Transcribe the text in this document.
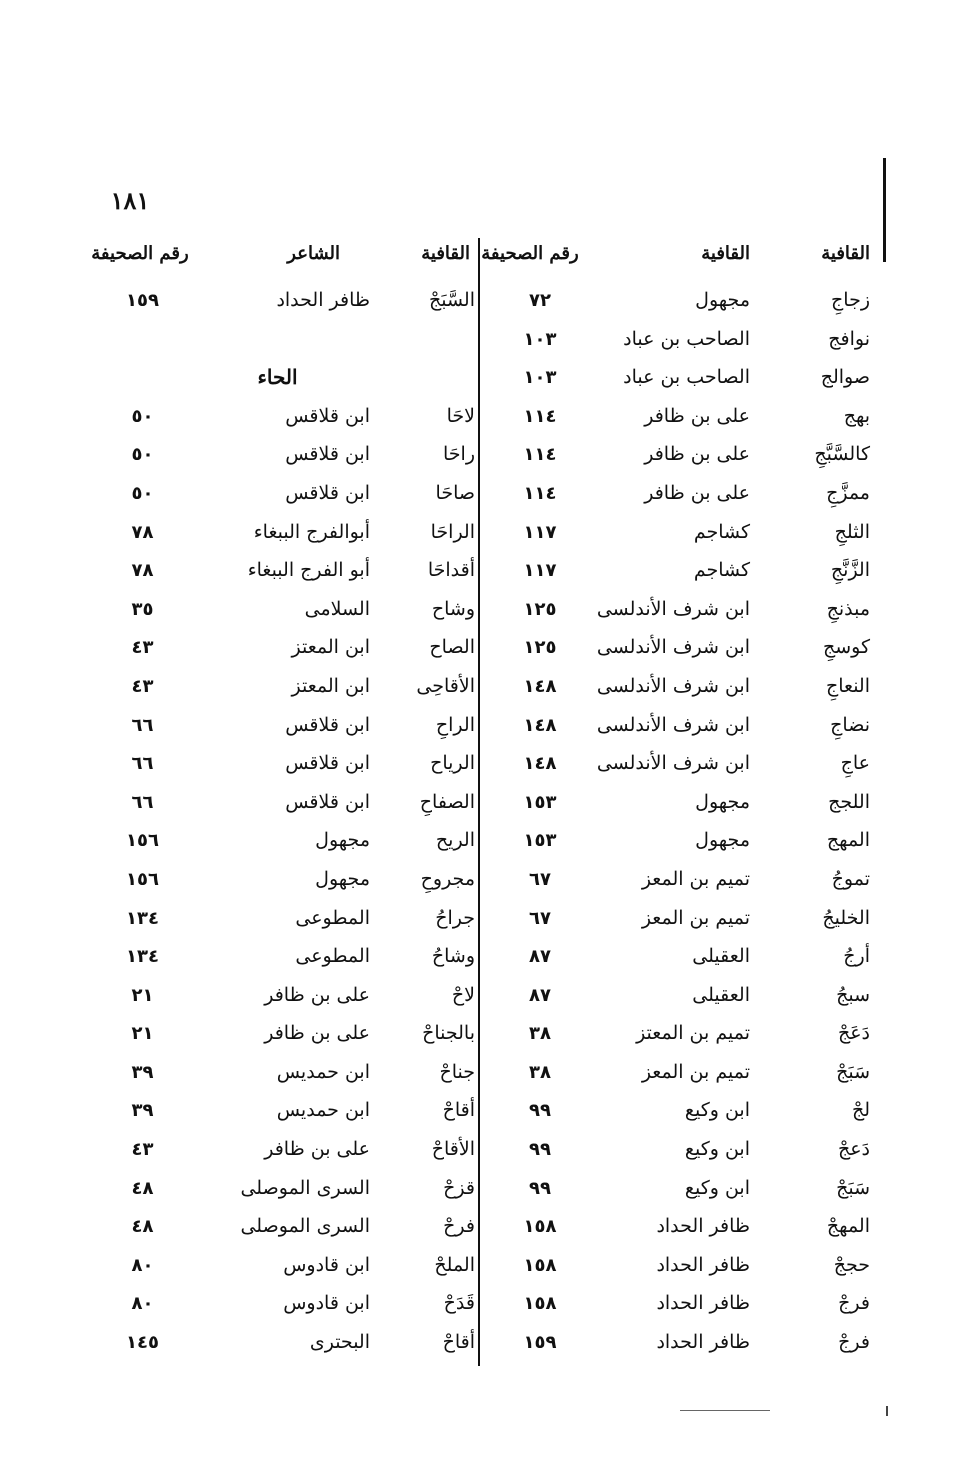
١٨١
القافية
القافية
رقم الصحيفة
القافية
الشاعر
رقم الصحيفة
زجاجِمجهول٧٢
نوافجالصاحب بن عباد١٠٣
صوالجالصاحب بن عباد١٠٣
بهجعلى بن ظافر١١٤
كالسَّبَّجِعلى بن ظافر١١٤
ممزَّجِعلى بن ظافر١١٤
الثلجِكشاجم١١٧
الزَّنَّجِكشاجم١١٧
مبذنجِابن شرف الأندلسى١٢٥
كوسجِابن شرف الأندلسى١٢٥
النعاجِابن شرف الأندلسى١٤٨
نضاجِابن شرف الأندلسى١٤٨
عاجِابن شرف الأندلسى١٤٨
اللججمجهول١٥٣
المهجمجهول١٥٣
تموجُتميم بن المعز٦٧
الخليجُتميم بن المعز٦٧
أرجُالعقيلى٨٧
سبجُالعقيلى٨٧
دَعَجْتميم بن المعتز٣٨
سَبَجْتميم بن المعز٣٨
لجْابن وكيع٩٩
دَعجْابن وكيع٩٩
سَبَجْابن وكيع٩٩
المهجْظافر الحداد١٥٨
حججْظافر الحداد١٥٨
فرجْظافر الحداد١٥٨
فرجْظافر الحداد١٥٩
السَّبَجْظافر الحداد١٥٩
الحاء
لاحَاابن قلاقس٥٠
راحَاابن قلاقس٥٠
صاحَاابن قلاقس٥٠
الراحَاأبوالفرج الببغاء٧٨
أقداحَاأبو الفرج الببغاء٧٨
وشاحالسلامى٣٥
الصاحابن المعتز٤٣
الأقاحِىابن المعتز٤٣
الراحِابن قلاقس٦٦
الرياحابن قلاقس٦٦
الصفاحِابن قلاقس٦٦
الريحمجهول١٥٦
مجروحِمجهول١٥٦
جراحُالمطوعى١٣٤
وشاحُالمطوعى١٣٤
لاحْعلى بن ظافر٢١
بالجناحْعلى بن ظافر٢١
جناحْابن حمديس٣٩
أقاحْابن حمديس٣٩
الأقاحْعلى بن ظافر٤٣
قزحْالسرى الموصلى٤٨
فرحْالسرى الموصلى٤٨
الملحْابن قادوس٨٠
قَدَحْابن قادوس٨٠
أقاحْالبحترى١٤٥
